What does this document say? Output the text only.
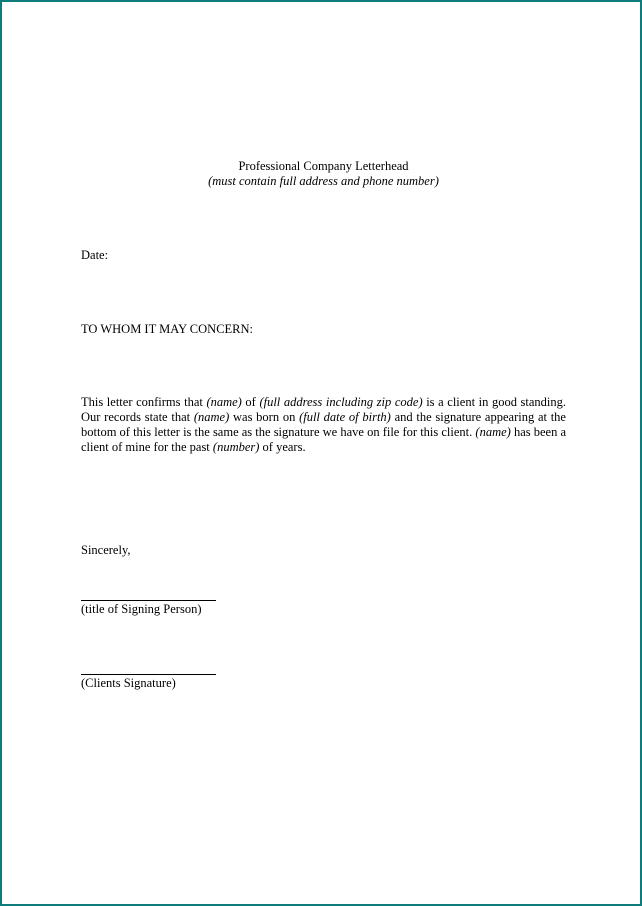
Professional Company Letterhead
(must contain full address and phone number)
Date:
TO WHOM IT MAY CONCERN:
This letter confirms that (name) of (full address including zip code) is a client in good standing. Our records state that (name) was born on (full date of birth) and the signature appearing at the bottom of this letter is the same as the signature we have on file for this client. (name) has been a client of mine for the past (number) of years.
Sincerely,
(title of Signing Person)
(Clients Signature)
